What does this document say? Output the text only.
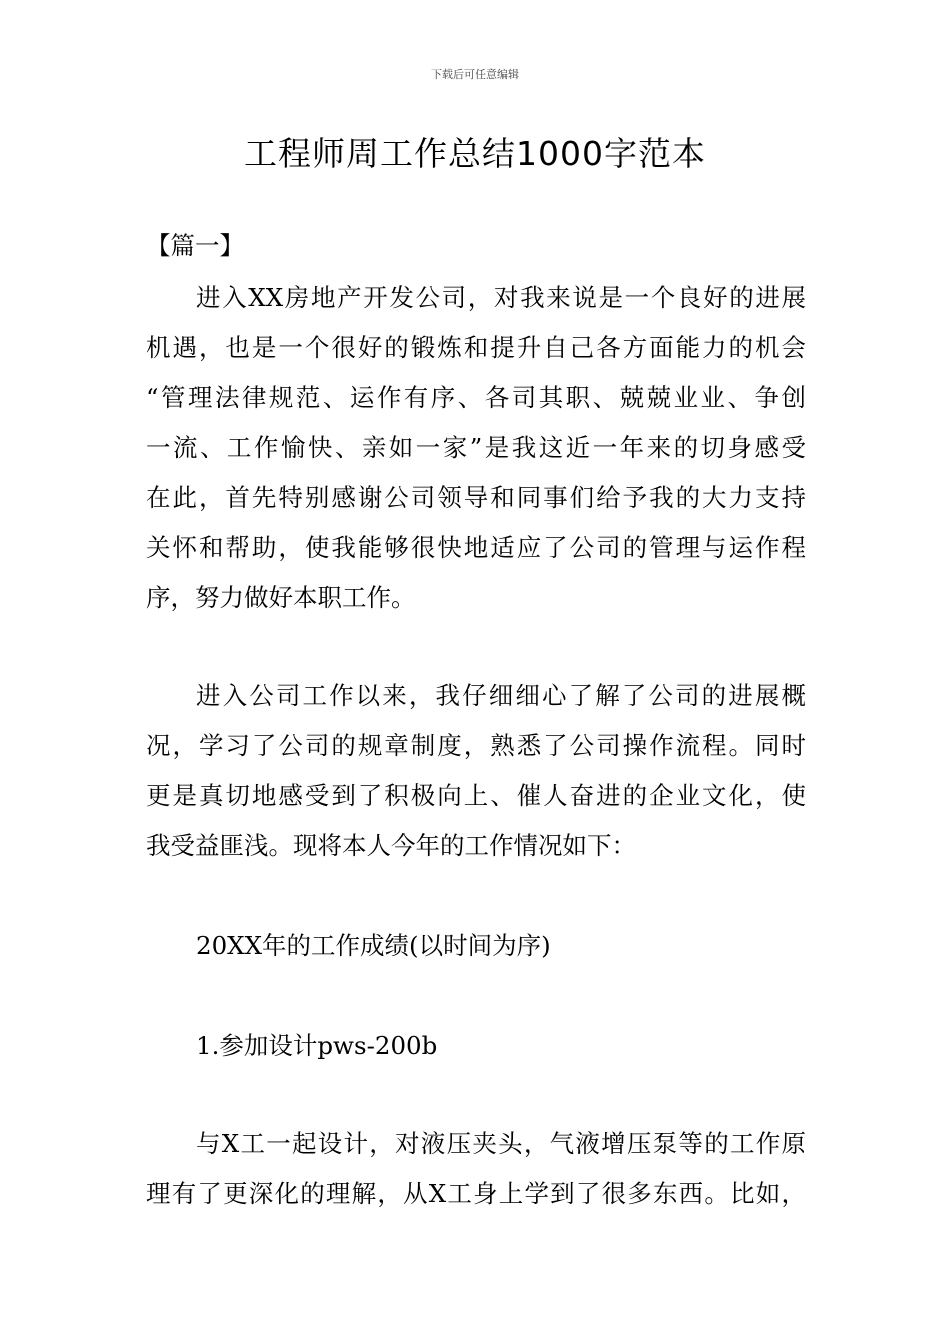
下载后可任意编辑
工程师周工作总结1000字范本
【篇一】
进入XX房地产开发公司，对我来说是一个良好的进展
机遇，也是一个很好的锻炼和提升自己各方面能力的机会
“管理法律规范、运作有序、各司其职、兢兢业业、争创
一流、工作愉快、亲如一家”是我这近一年来的切身感受
在此，首先特别感谢公司领导和同事们给予我的大力支持
关怀和帮助，使我能够很快地适应了公司的管理与运作程
序，努力做好本职工作。
进入公司工作以来，我仔细细心了解了公司的进展概
况，学习了公司的规章制度，熟悉了公司操作流程。同时
更是真切地感受到了积极向上、催人奋进的企业文化，使
我受益匪浅。现将本人今年的工作情况如下：
20XX年的工作成绩(以时间为序)
1.参加设计pws-200b
与X工一起设计，对液压夹头，气液增压泵等的工作原
理有了更深化的理解，从X工身上学到了很多东西。比如，
